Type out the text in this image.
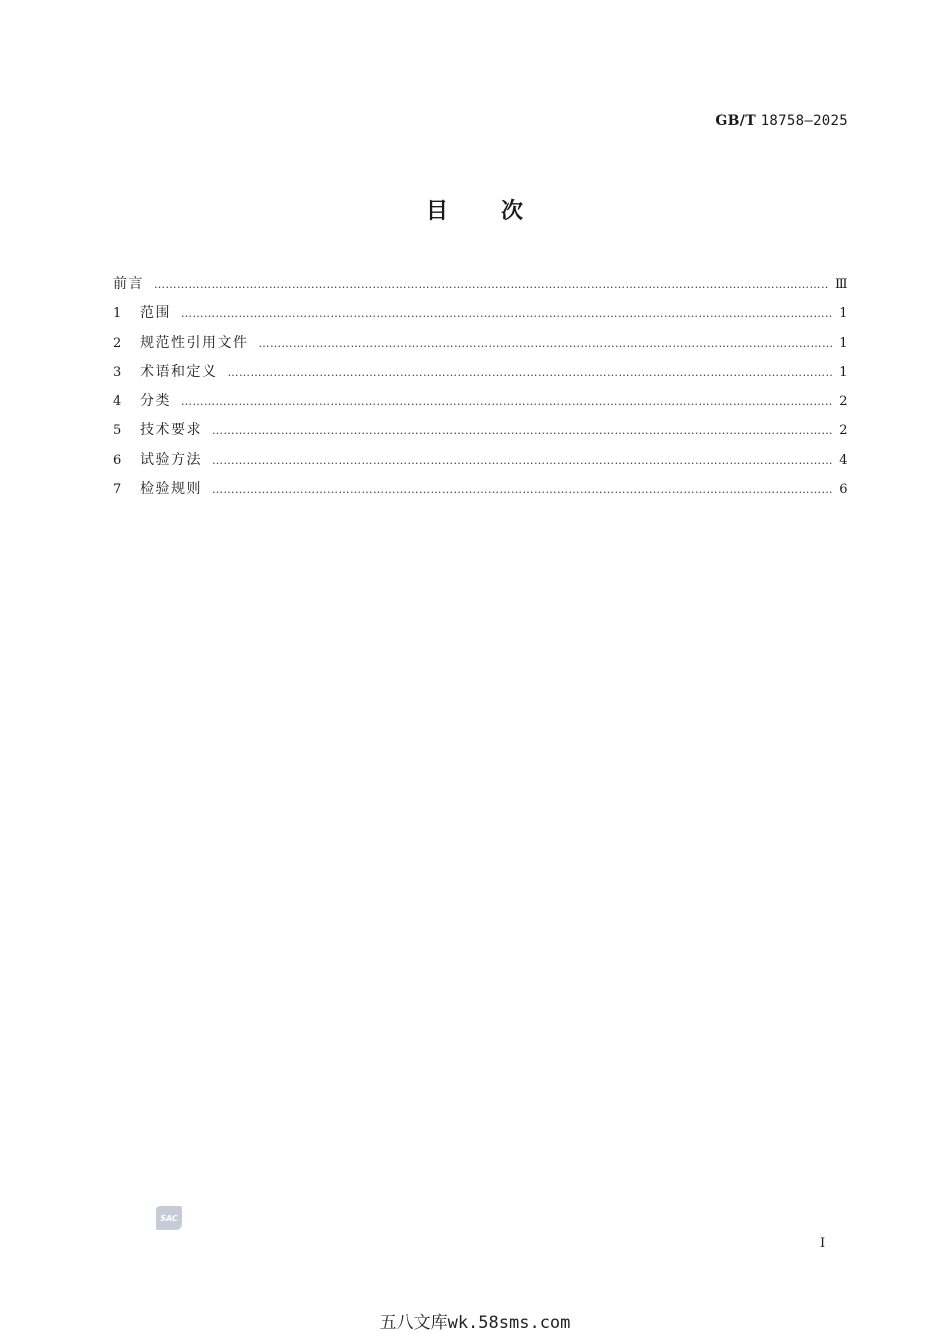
GB/T 18758—2025
目 次
前言 ………………………………………………………………………………………………………………………………………………………………………………………………………………………………………………	Ⅲ
1	范围 ………………………………………………………………………………………………………………………………………………………………………………………………………………………………………………	1
2	规范性引用文件 ………………………………………………………………………………………………………………………………………………………………………………………………………………………………………………	1
3	术语和定义 ………………………………………………………………………………………………………………………………………………………………………………………………………………………………………………	1
4	分类 ………………………………………………………………………………………………………………………………………………………………………………………………………………………………………………	2
5	技术要求 ………………………………………………………………………………………………………………………………………………………………………………………………………………………………………………	2
6	试验方法 ………………………………………………………………………………………………………………………………………………………………………………………………………………………………………………	4
7	检验规则 ………………………………………………………………………………………………………………………………………………………………………………………………………………………………………………	6
SAC
Ⅰ
五八文库wk.58sms.com
